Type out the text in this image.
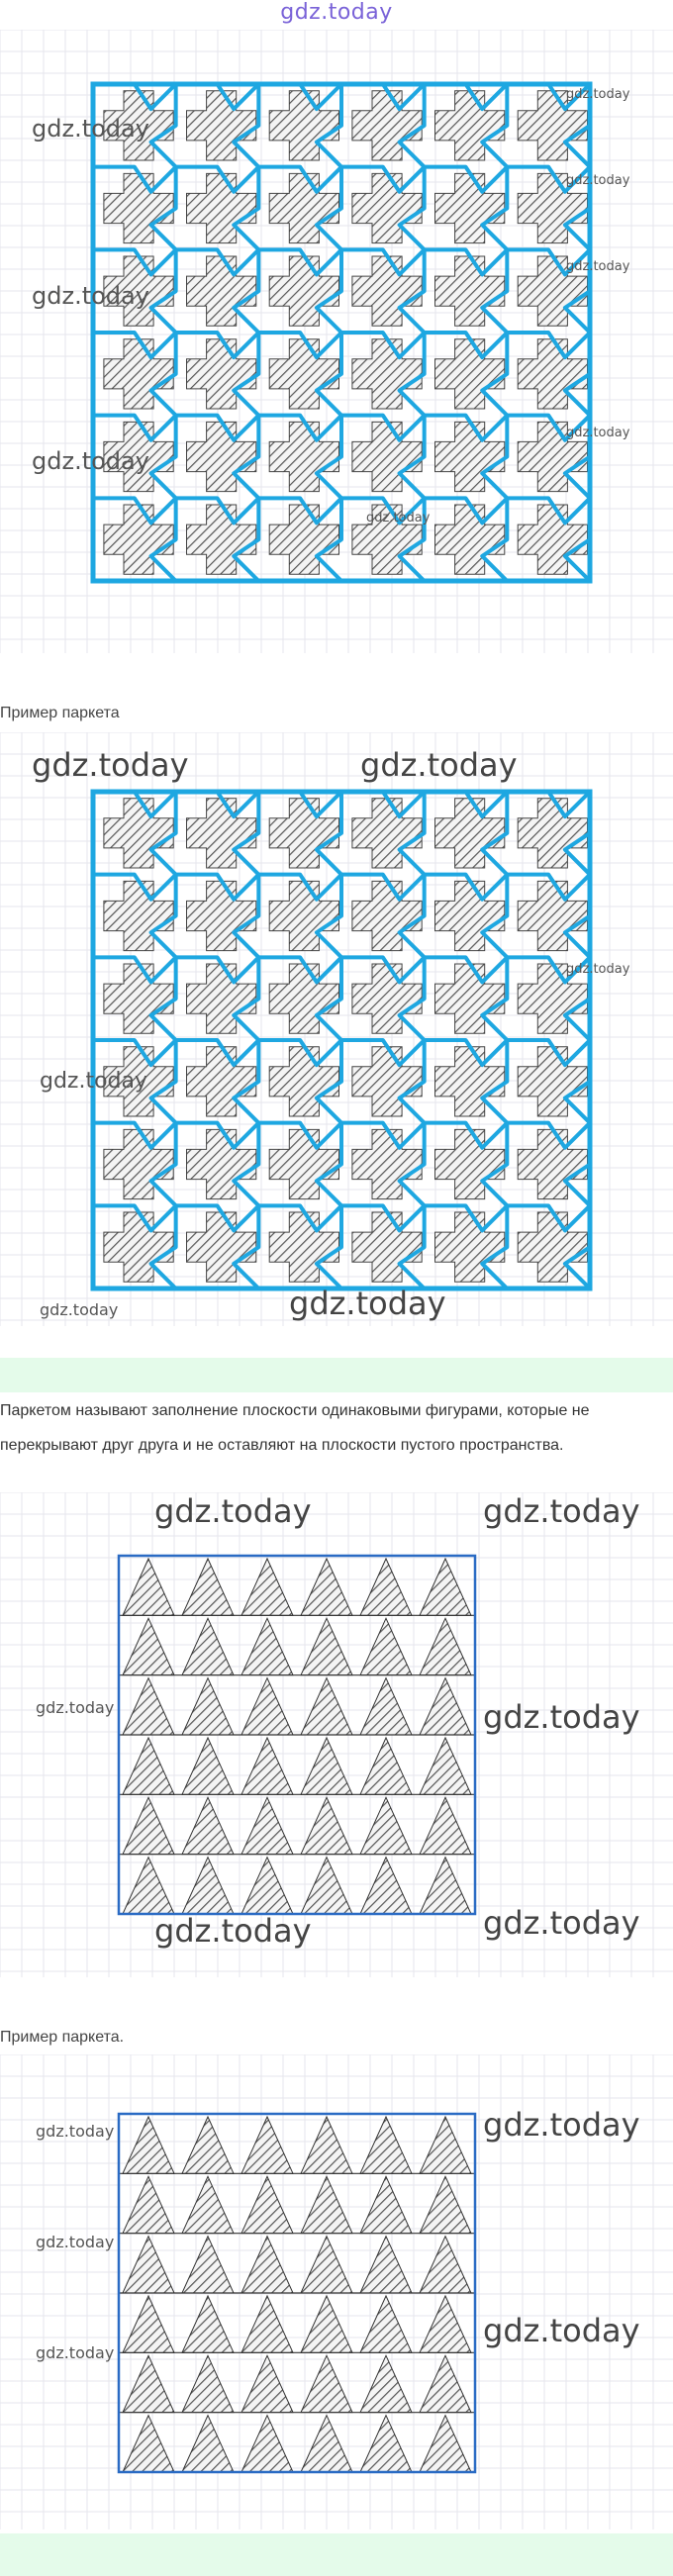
gdz.today
gdz.today
gdz.today
gdz.today
gdz.today
gdz.today
gdz.today
gdz.today
gdz.today
Пример паркета
gdz.today	gdz.today
gdz.today
gdz.today
gdz.today	gdz.today
Паркетом называют заполнение плоскости одинаковыми фигурами, которые не перекрывают друг друга и не оставляют на плоскости пустого пространства.
gdz.today	gdz.today
gdz.today	gdz.today
gdz.today	gdz.today
Пример паркета.
gdz.today
gdz.today
gdz.today
gdz.today
gdz.today
